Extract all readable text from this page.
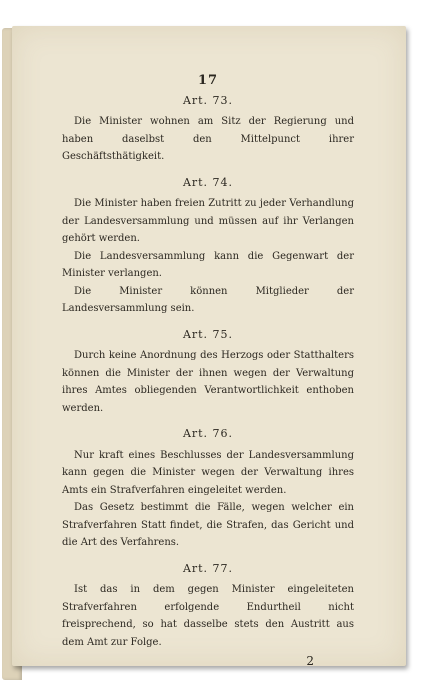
17
Art. 73.

Die Minister wohnen am Sitz der Regierung und haben daselbst den Mittelpunct ihrer Geschäftsthätigkeit.

Art. 74.

Die Minister haben freien Zutritt zu jeder Verhandlung der Landesversammlung und müssen auf ihr Verlangen gehört werden.

Die Landesversammlung kann die Gegenwart der Minister verlangen.

Die Minister können Mitglieder der Landesversammlung sein.

Art. 75.

Durch keine Anordnung des Herzogs oder Statthalters können die Minister der ihnen wegen der Verwaltung ihres Amtes obliegenden Verantwortlichkeit enthoben werden.

Art. 76.

Nur kraft eines Beschlusses der Landesversammlung kann gegen die Minister wegen der Verwaltung ihres Amts ein Strafverfahren eingeleitet werden.

Das Gesetz bestimmt die Fälle, wegen welcher ein Strafverfahren Statt findet, die Strafen, das Gericht und die Art des Verfahrens.

Art. 77.

Ist das in dem gegen Minister eingeleiteten Strafverfahren erfolgende Endurtheil nicht freisprechend, so hat dasselbe stets den Austritt aus dem Amt zur Folge.

2
